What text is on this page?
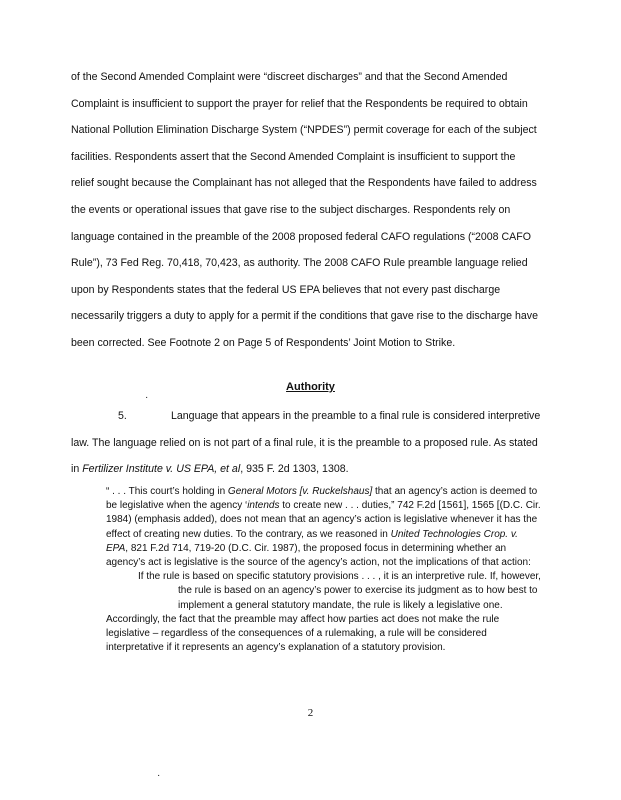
of the Second Amended Complaint were “discreet discharges” and that the Second Amended Complaint is insufficient to support the prayer for relief that the Respondents be required to obtain National Pollution Elimination Discharge System (“NPDES”) permit coverage for each of the subject facilities. Respondents assert that the Second Amended Complaint is insufficient to support the relief sought because the Complainant has not alleged that the Respondents have failed to address the events or operational issues that gave rise to the subject discharges. Respondents rely on language contained in the preamble of the 2008 proposed federal CAFO regulations (“2008 CAFO Rule”), 73 Fed Reg. 70,418, 70,423, as authority. The 2008 CAFO Rule preamble language relied upon by Respondents states that the federal US EPA believes that not every past discharge necessarily triggers a duty to apply for a permit if the conditions that gave rise to the discharge have been corrected. See Footnote 2 on Page 5 of Respondents’ Joint Motion to Strike.

Authority
·

5.	Language that appears in the preamble to a final rule is considered interpretive law. The language relied on is not part of a final rule, it is the preamble to a proposed rule. As stated in Fertilizer Institute v. US EPA, et al, 935 F. 2d 1303, 1308.

“ . . . This court’s holding in General Motors [v. Ruckelshaus] that an agency’s action is deemed to be legislative when the agency ‘intends to create new . . . duties,” 742 F.2d [1561], 1565 [(D.C. Cir. 1984) (emphasis added), does not mean that an agency’s action is legislative whenever it has the effect of creating new duties. To the contrary, as we reasoned in United Technologies Crop. v. EPA, 821 F.2d 714, 719-20 (D.C. Cir. 1987), the proposed focus in determining whether an agency’s act is legislative is the source of the agency’s action, not the implications of that action:

If the rule is based on specific statutory provisions . . . , it is an interpretive rule. If, however, the rule is based on an agency’s power to exercise its judgment as to how best to implement a general statutory mandate, the rule is likely a legislative one.

Accordingly, the fact that the preamble may affect how parties act does not make the rule legislative – regardless of the consequences of a rulemaking, a rule will be considered interpretative if it represents an agency’s explanation of a statutory provision.

2
·
